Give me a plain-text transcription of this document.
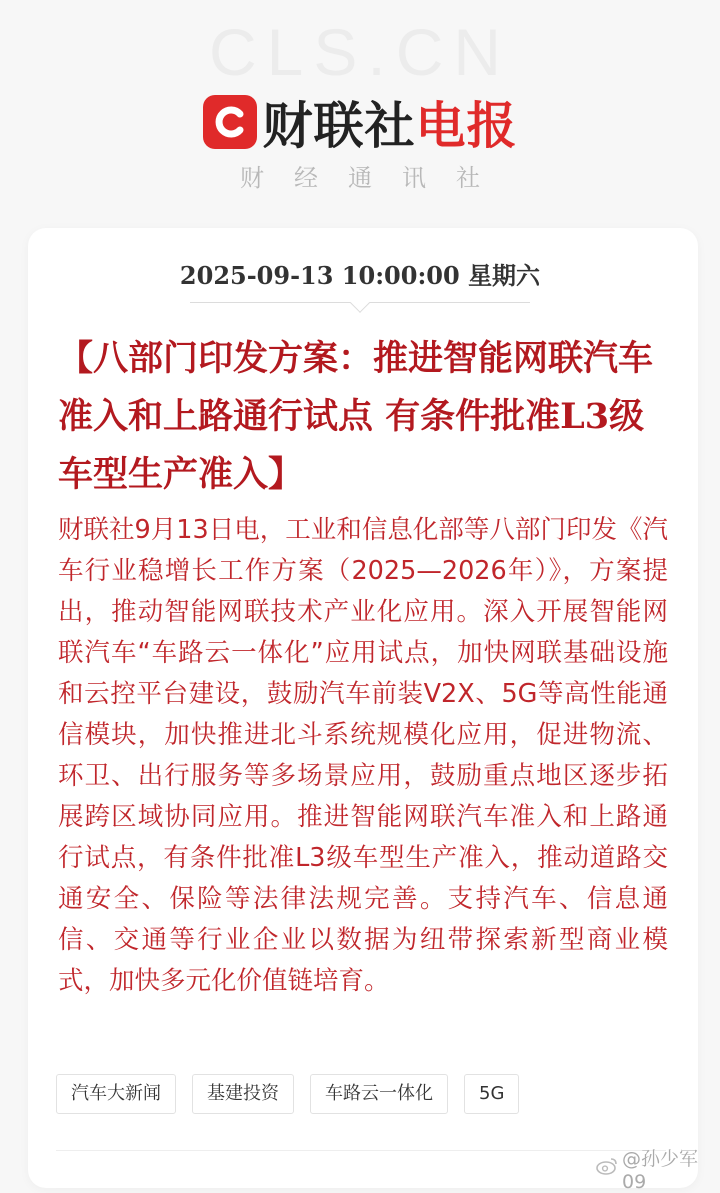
CLS.CN
财联社 电报
财经通讯社
2025-09-13 10:00:00 星期六
【八部门印发方案：推进智能网联汽车准入和上路通行试点 有条件批准L3级车型生产准入】
财联社9月13日电，工业和信息化部等八部门印发《汽车行业稳增长工作方案（2025—2026年）》，方案提出，推动智能网联技术产业化应用。深入开展智能网联汽车“车路云一体化”应用试点，加快网联基础设施和云控平台建设，鼓励汽车前装V2X、5G等高性能通信模块，加快推进北斗系统规模化应用，促进物流、环卫、出行服务等多场景应用，鼓励重点地区逐步拓展跨区域协同应用。推进智能网联汽车准入和上路通行试点，有条件批准L3级车型生产准入，推动道路交通安全、保险等法律法规完善。支持汽车、信息通信、交通等行业企业以数据为纽带探索新型商业模式，加快多元化价值链培育。
汽车大新闻	基建投资	车路云一体化	5G
@孙少军09
